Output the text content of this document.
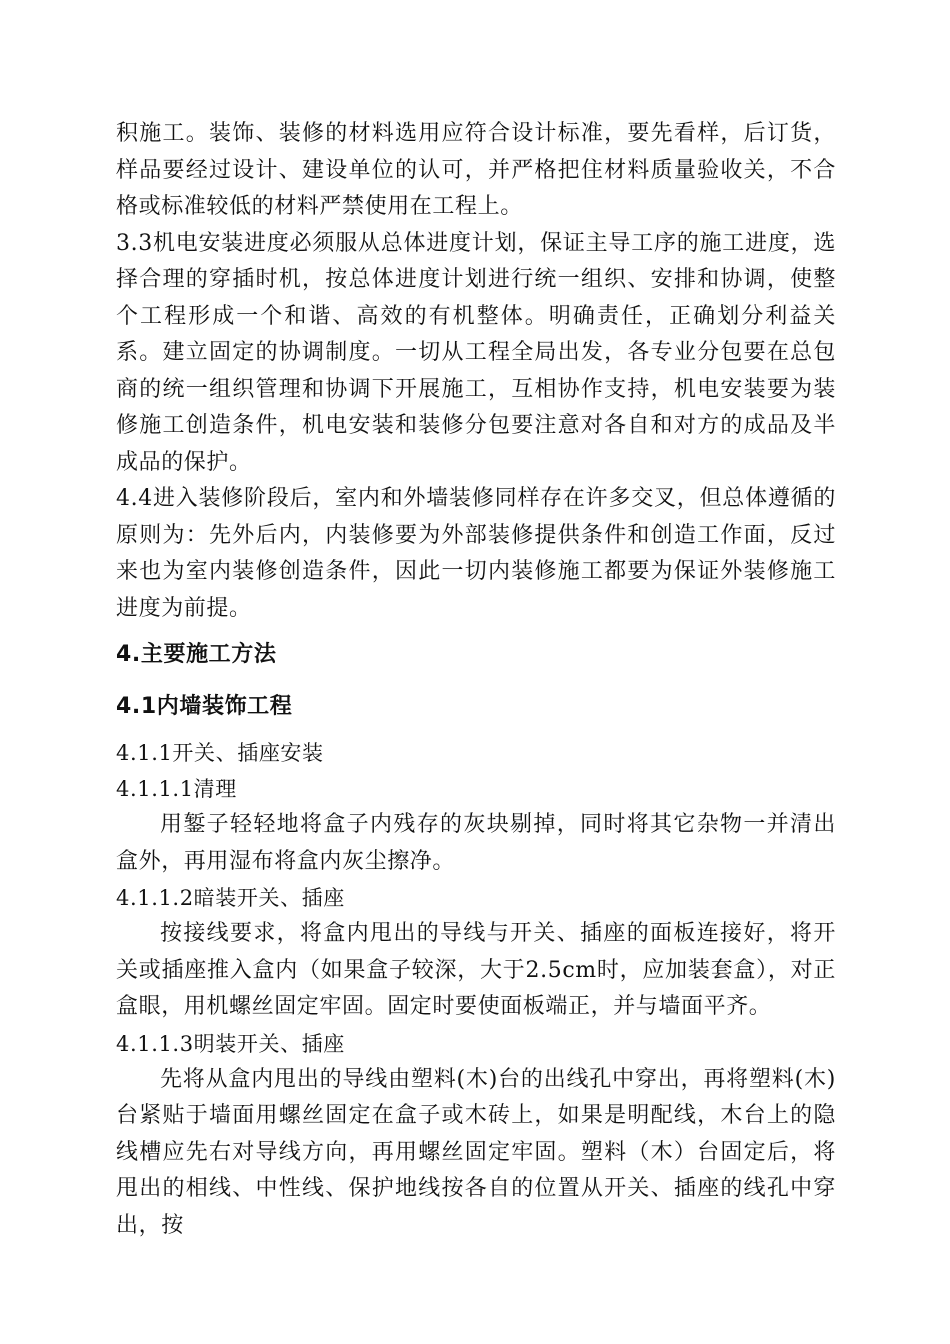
积施工。装饰、装修的材料选用应符合设计标准，要先看样，后订货，样品要经过设计、建设单位的认可，并严格把住材料质量验收关，不合格或标准较低的材料严禁使用在工程上。

3.3机电安装进度必须服从总体进度计划，保证主导工序的施工进度，选择合理的穿插时机，按总体进度计划进行统一组织、安排和协调，使整个工程形成一个和谐、高效的有机整体。明确责任，正确划分利益关系。建立固定的协调制度。一切从工程全局出发，各专业分包要在总包商的统一组织管理和协调下开展施工，互相协作支持，机电安装要为装修施工创造条件，机电安装和装修分包要注意对各自和对方的成品及半成品的保护。

4.4进入装修阶段后，室内和外墙装修同样存在许多交叉，但总体遵循的原则为：先外后内，内装修要为外部装修提供条件和创造工作面，反过来也为室内装修创造条件，因此一切内装修施工都要为保证外装修施工进度为前提。

4.主要施工方法
4.1内墙装饰工程

4.1.1开关、插座安装

4.1.1.1清理

用錾子轻轻地将盒子内残存的灰块剔掉，同时将其它杂物一并清出盒外，再用湿布将盒内灰尘擦净。

4.1.1.2暗装开关、插座

按接线要求，将盒内甩出的导线与开关、插座的面板连接好，将开关或插座推入盒内（如果盒子较深，大于2.5cm时，应加装套盒），对正盒眼，用机螺丝固定牢固。固定时要使面板端正，并与墙面平齐。

4.1.1.3明装开关、插座

先将从盒内甩出的导线由塑料(木)台的出线孔中穿出，再将塑料(木)台紧贴于墙面用螺丝固定在盒子或木砖上，如果是明配线，木台上的隐线槽应先右对导线方向，再用螺丝固定牢固。塑料（木）台固定后，将甩出的相线、中性线、保护地线按各自的位置从开关、插座的线孔中穿出，按
